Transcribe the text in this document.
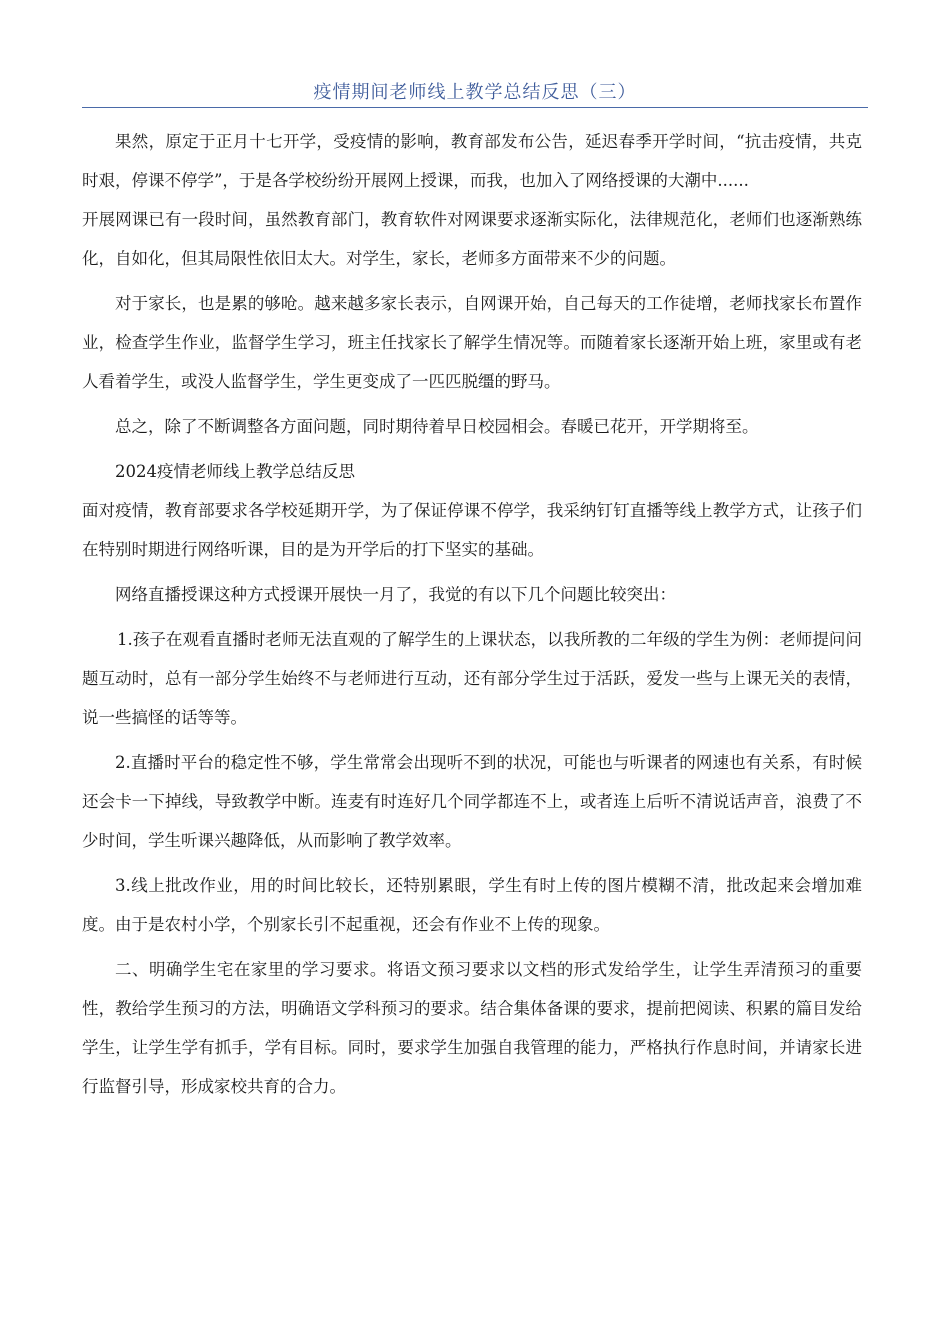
疫情期间老师线上教学总结反思（三）

果然，原定于正月十七开学，受疫情的影响，教育部发布公告，延迟春季开学时间，“抗击疫情，共克时艰，停课不停学”，于是各学校纷纷开展网上授课，而我，也加入了网络授课的大潮中......

开展网课已有一段时间，虽然教育部门，教育软件对网课要求逐渐实际化，法律规范化，老师们也逐渐熟练化，自如化，但其局限性依旧太大。对学生，家长，老师多方面带来不少的问题。

对于家长，也是累的够呛。越来越多家长表示，自网课开始，自己每天的工作徒增，老师找家长布置作业，检查学生作业，监督学生学习，班主任找家长了解学生情况等。而随着家长逐渐开始上班，家里或有老人看着学生，或没人监督学生，学生更变成了一匹匹脱缰的野马。

总之，除了不断调整各方面问题，同时期待着早日校园相会。春暖已花开，开学期将至。

2024疫情老师线上教学总结反思

面对疫情，教育部要求各学校延期开学，为了保证停课不停学，我采纳钉钉直播等线上教学方式，让孩子们在特别时期进行网络听课，目的是为开学后的打下坚实的基础。

网络直播授课这种方式授课开展快一月了，我觉的有以下几个问题比较突出：

1.孩子在观看直播时老师无法直观的了解学生的上课状态，以我所教的二年级的学生为例：老师提问问题互动时，总有一部分学生始终不与老师进行互动，还有部分学生过于活跃，爱发一些与上课无关的表情，说一些搞怪的话等等。

2.直播时平台的稳定性不够，学生常常会出现听不到的状况，可能也与听课者的网速也有关系，有时候还会卡一下掉线，导致教学中断。连麦有时连好几个同学都连不上，或者连上后听不清说话声音，浪费了不少时间，学生听课兴趣降低，从而影响了教学效率。

3.线上批改作业，用的时间比较长，还特别累眼，学生有时上传的图片模糊不清，批改起来会增加难度。由于是农村小学，个别家长引不起重视，还会有作业不上传的现象。

二、明确学生宅在家里的学习要求。将语文预习要求以文档的形式发给学生，让学生弄清预习的重要性，教给学生预习的方法，明确语文学科预习的要求。结合集体备课的要求，提前把阅读、积累的篇目发给学生，让学生学有抓手，学有目标。同时，要求学生加强自我管理的能力，严格执行作息时间，并请家长进行监督引导，形成家校共育的合力。
